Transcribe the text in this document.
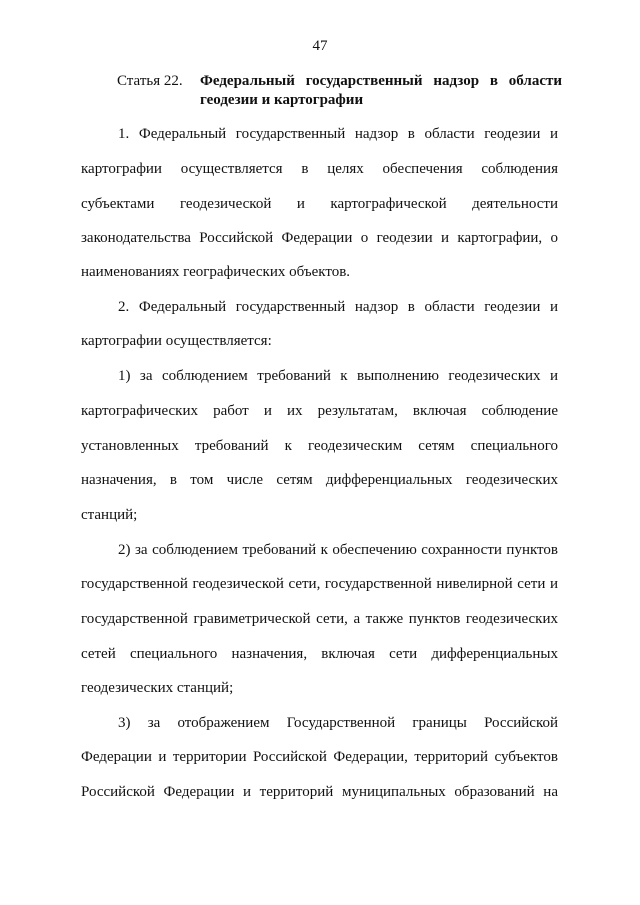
47
Статья 22. Федеральный государственный надзор в области геодезии и картографии
1. Федеральный государственный надзор в области геодезии и
картографии осуществляется в целях обеспечения соблюдения
субъектами геодезической и картографической деятельности
законодательства Российской Федерации о геодезии и картографии, о
наименованиях географических объектов.
2. Федеральный государственный надзор в области геодезии и
картографии осуществляется:
1) за соблюдением требований к выполнению геодезических и
картографических работ и их результатам, включая соблюдение
установленных требований к геодезическим сетям специального
назначения, в том числе сетям дифференциальных геодезических
станций;
2) за соблюдением требований к обеспечению сохранности пунктов
государственной геодезической сети, государственной нивелирной сети и
государственной гравиметрической сети, а также пунктов геодезических
сетей специального назначения, включая сети дифференциальных
геодезических станций;
3) за отображением Государственной границы Российской
Федерации и территории Российской Федерации, территорий субъектов
Российской Федерации и территорий муниципальных образований на
